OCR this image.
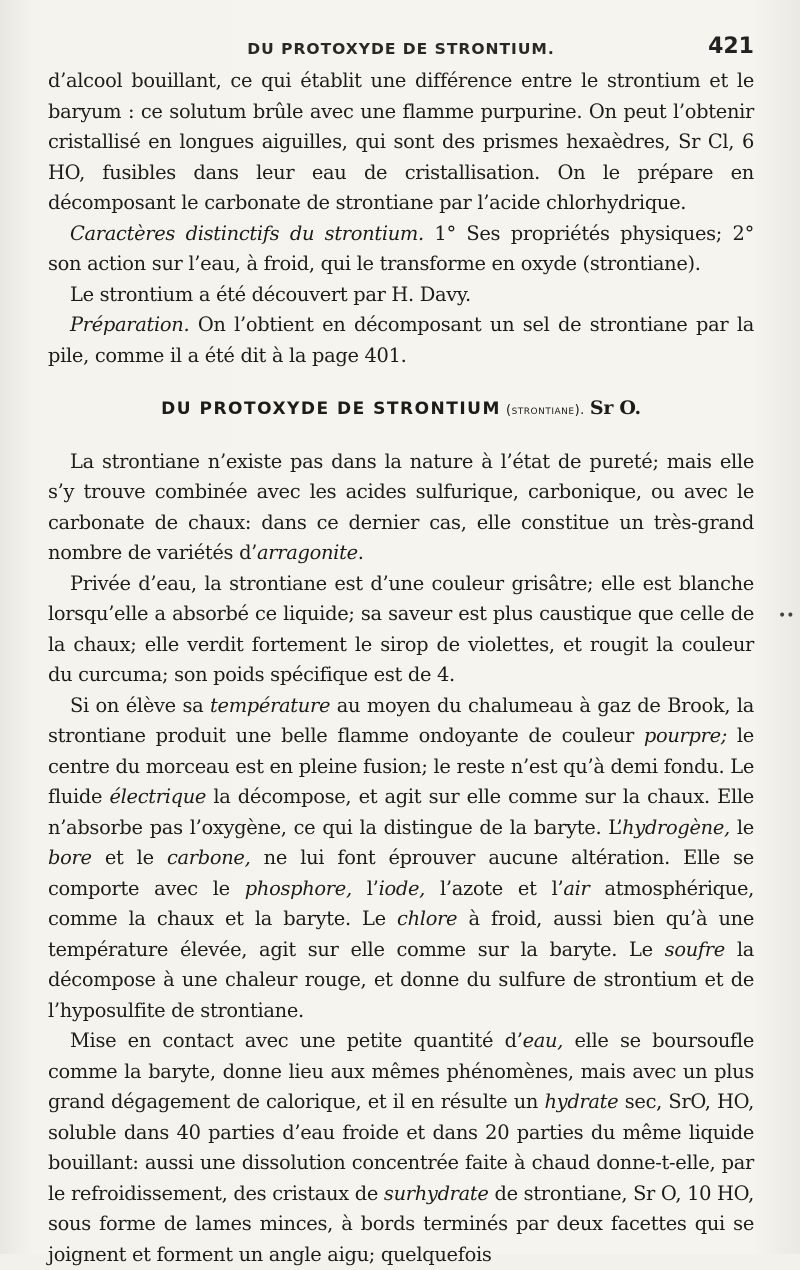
DU PROTOXYDE DE STRONTIUM.	421

d’alcool bouillant, ce qui établit une différence entre le strontium et le baryum : ce solutum brûle avec une flamme purpurine. On peut l’obtenir cristallisé en longues aiguilles, qui sont des prismes hexaèdres, Sr Cl, 6 HO, fusibles dans leur eau de cristallisation. On le prépare en décomposant le carbonate de strontiane par l’acide chlorhydrique.

Caractères distinctifs du strontium. 1° Ses propriétés physiques; 2° son action sur l’eau, à froid, qui le transforme en oxyde (strontiane).

Le strontium a été découvert par H. Davy.

Préparation. On l’obtient en décomposant un sel de strontiane par la pile, comme il a été dit à la page 401.

DU PROTOXYDE DE STRONTIUM (strontiane). Sr O.

La strontiane n’existe pas dans la nature à l’état de pureté; mais elle s’y trouve combinée avec les acides sulfurique, carbonique, ou avec le carbonate de chaux: dans ce dernier cas, elle constitue un très-grand nombre de variétés d’arragonite.

Privée d’eau, la strontiane est d’une couleur grisâtre; elle est blanche lorsqu’elle a absorbé ce liquide; sa saveur est plus caustique que celle de la chaux; elle verdit fortement le sirop de violettes, et rougit la couleur du curcuma; son poids spécifique est de 4.

Si on élève sa température au moyen du chalumeau à gaz de Brook, la strontiane produit une belle flamme ondoyante de couleur pourpre; le centre du morceau est en pleine fusion; le reste n’est qu’à demi fondu. Le fluide électrique la décompose, et agit sur elle comme sur la chaux. Elle n’absorbe pas l’oxygène, ce qui la distingue de la baryte. L’hydrogène, le bore et le carbone, ne lui font éprouver aucune altération. Elle se comporte avec le phosphore, l’iode, l’azote et l’air atmosphérique, comme la chaux et la baryte. Le chlore à froid, aussi bien qu’à une température élevée, agit sur elle comme sur la baryte. Le soufre la décompose à une chaleur rouge, et donne du sulfure de strontium et de l’hyposulfite de strontiane.

Mise en contact avec une petite quantité d’eau, elle se boursoufle comme la baryte, donne lieu aux mêmes phénomènes, mais avec un plus grand dégagement de calorique, et il en résulte un hydrate sec, SrO, HO, soluble dans 40 parties d’eau froide et dans 20 parties du même liquide bouillant: aussi une dissolution concentrée faite à chaud donne-t-elle, par le refroidissement, des cristaux de surhydrate de strontiane, Sr O, 10 HO, sous forme de lames minces, à bords terminés par deux facettes qui se joignent et forment un angle aigu; quelquefois

••
